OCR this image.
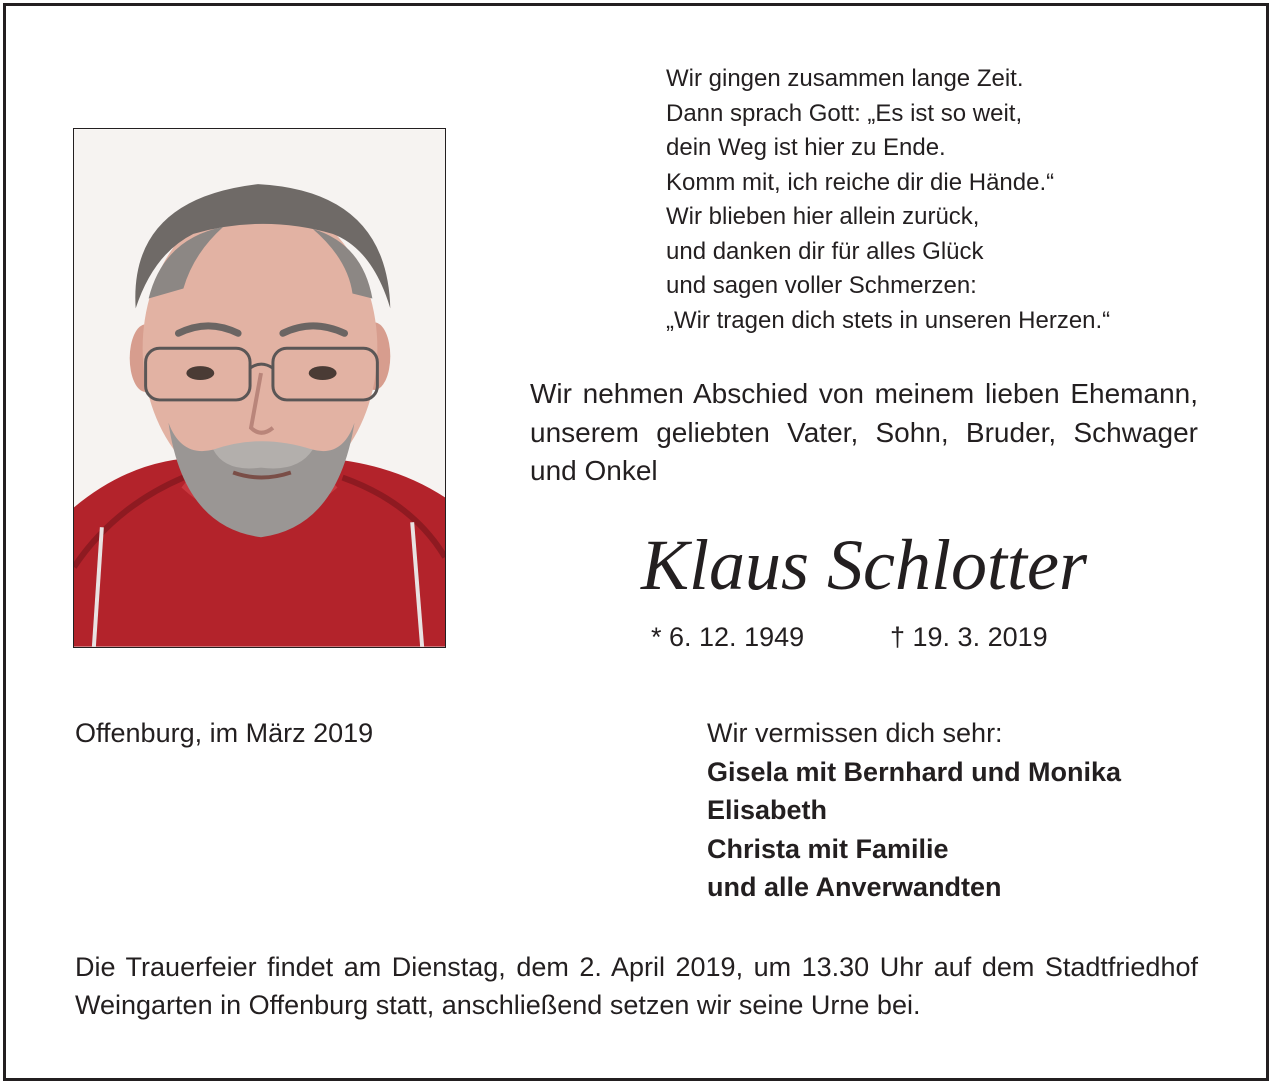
Wir gingen zusammen lange Zeit.
Dann sprach Gott: „Es ist so weit,
dein Weg ist hier zu Ende.
Komm mit, ich reiche dir die Hände.“
Wir blieben hier allein zurück,
und danken dir für alles Glück
und sagen voller Schmerzen:
„Wir tragen dich stets in unseren Herzen.“
Wir nehmen Abschied von meinem lieben Ehemann, unserem geliebten Vater, Sohn, Bruder, Schwager und Onkel
Klaus Schlotter
* 6. 12. 1949	† 19. 3. 2019
Offenburg, im März 2019	Wir vermissen dich sehr:
Gisela mit Bernhard und Monika
Elisabeth
Christa mit Familie
und alle Anverwandten
Die Trauerfeier findet am Dienstag, dem 2. April 2019, um 13.30 Uhr auf dem Stadtfriedhof Weingarten in Offenburg statt, anschließend setzen wir seine Urne bei.
